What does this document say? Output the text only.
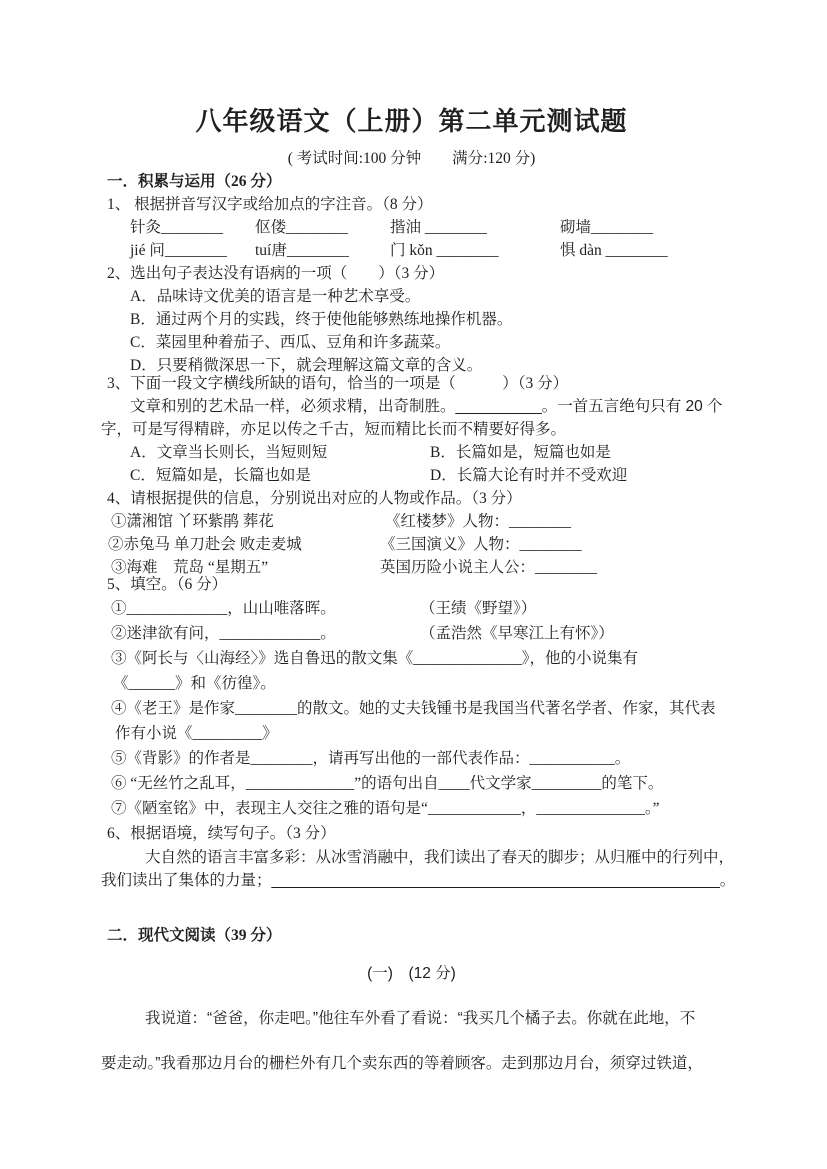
八年级语文（上册）第二单元测试题
( 考试时间:100 分钟　　满分:120 分)
一．积累与运用（26 分）
1、 根据拼音写汉字或给加点的字注音。（8 分）
针灸________ 伛偻________	揩油 ________	砌墙________
jié 问________ tuí唐________	门 kǒn ________	惧 dàn ________
2、选出句子表达没有语病的一项（　　）（3 分）
A．品味诗文优美的语言是一种艺术享受。
B．通过两个月的实践，终于使他能够熟练地操作机器。
C．菜园里种着茄子、西瓜、豆角和许多蔬菜。
D．只要稍微深思一下，就会理解这篇文章的含义。
3、下面一段文字横线所缺的语句，恰当的一项是（　　　）（3 分）
文章和别的艺术品一样，必须求精，出奇制胜。__________。一首五言绝句只有 20 个
字，可是写得精辟，亦足以传之千古，短而精比长而不精要好得多。
A．文章当长则长，当短则短	B．长篇如是，短篇也如是
C．短篇如是，长篇也如是	D．长篇大论有时并不受欢迎
4、请根据提供的信息，分别说出对应的人物或作品。（3 分）
①潇湘馆 丫环紫鹃 葬花	《红楼梦》人物：________
②赤兔马 单刀赴会 败走麦城	《三国演义》人物：________
③海难　荒岛 “星期五”	英国历险小说主人公：________
5、填空。（6 分）
①_____________，山山唯落晖。	（王绩《野望》）
②迷津欲有问，_____________。	（孟浩然《早寒江上有怀》）
③《阿长与〈山海经〉》选自鲁迅的散文集《______________》，他的小说集有
《______》和《彷徨》。
④《老王》是作家________的散文。她的丈夫钱锺书是我国当代著名学者、作家，其代表
作有小说《_________》
⑤《背影》的作者是________，请再写出他的一部代表作品：___________。
⑥ “无丝竹之乱耳，______________”的语句出自____代文学家_________的笔下。
⑦《陋室铭》中，表现主人交往之雅的语句是“____________，______________。”
6、根据语境，续写句子。（3 分）
大自然的语言丰富多彩：从冰雪消融中，我们读出了春天的脚步；从归雁中的行列中，
我们读出了集体的力量；____________________________________________________。
二．现代文阅读（39 分）
(一)　(12 分)
我说道：“爸爸，你走吧。”他往车外看了看说：“我买几个橘子去。你就在此地，不
要走动。”我看那边月台的栅栏外有几个卖东西的等着顾客。走到那边月台，须穿过铁道，
